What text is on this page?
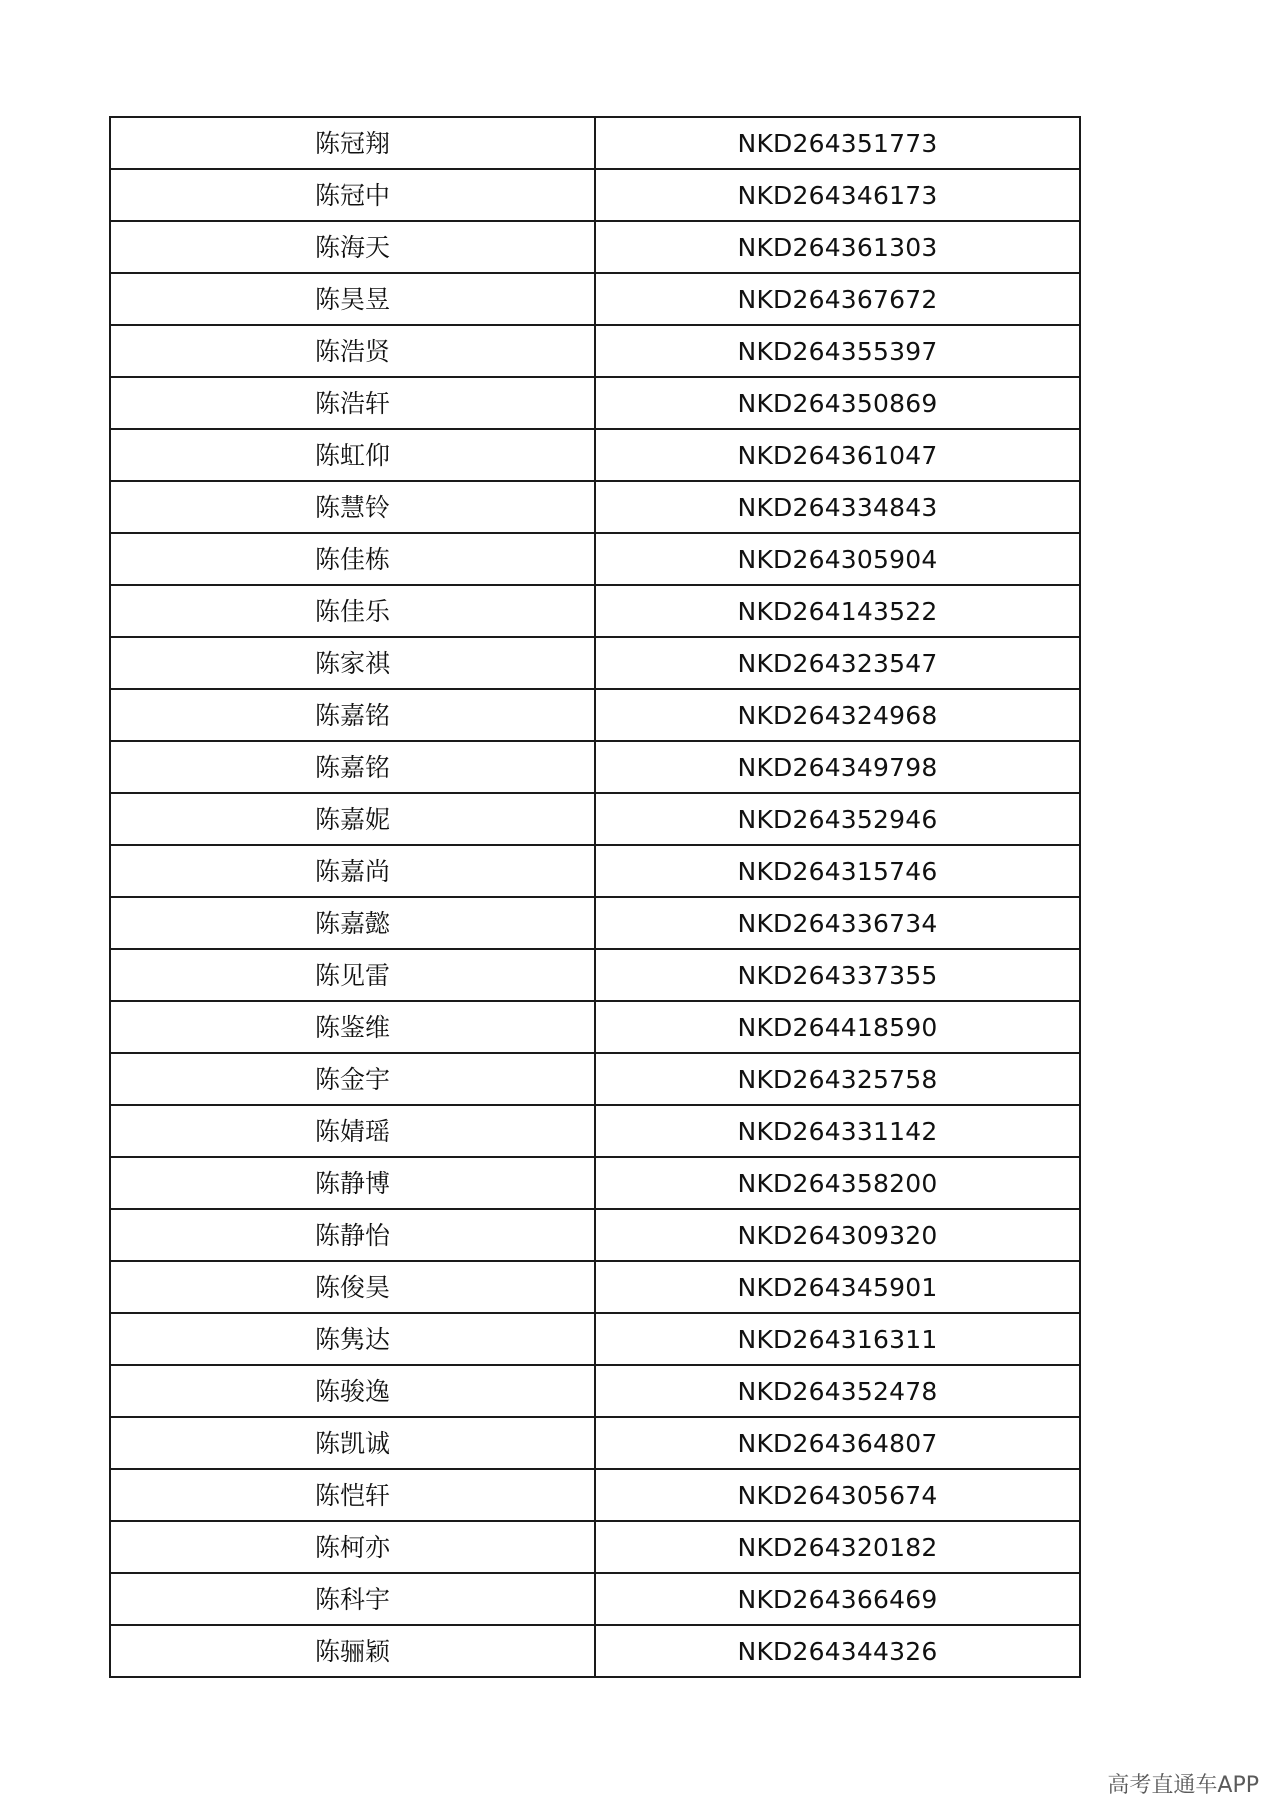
陈冠翔	NKD264351773
陈冠中	NKD264346173
陈海天	NKD264361303
陈昊昱	NKD264367672
陈浩贤	NKD264355397
陈浩轩	NKD264350869
陈虹仰	NKD264361047
陈慧铃	NKD264334843
陈佳栋	NKD264305904
陈佳乐	NKD264143522
陈家祺	NKD264323547
陈嘉铭	NKD264324968
陈嘉铭	NKD264349798
陈嘉妮	NKD264352946
陈嘉尚	NKD264315746
陈嘉懿	NKD264336734
陈见雷	NKD264337355
陈鉴维	NKD264418590
陈金宇	NKD264325758
陈婧瑶	NKD264331142
陈静博	NKD264358200
陈静怡	NKD264309320
陈俊昊	NKD264345901
陈隽达	NKD264316311
陈骏逸	NKD264352478
陈凯诚	NKD264364807
陈恺轩	NKD264305674
陈柯亦	NKD264320182
陈科宇	NKD264366469
陈骊颖	NKD264344326
高考直通车APP
